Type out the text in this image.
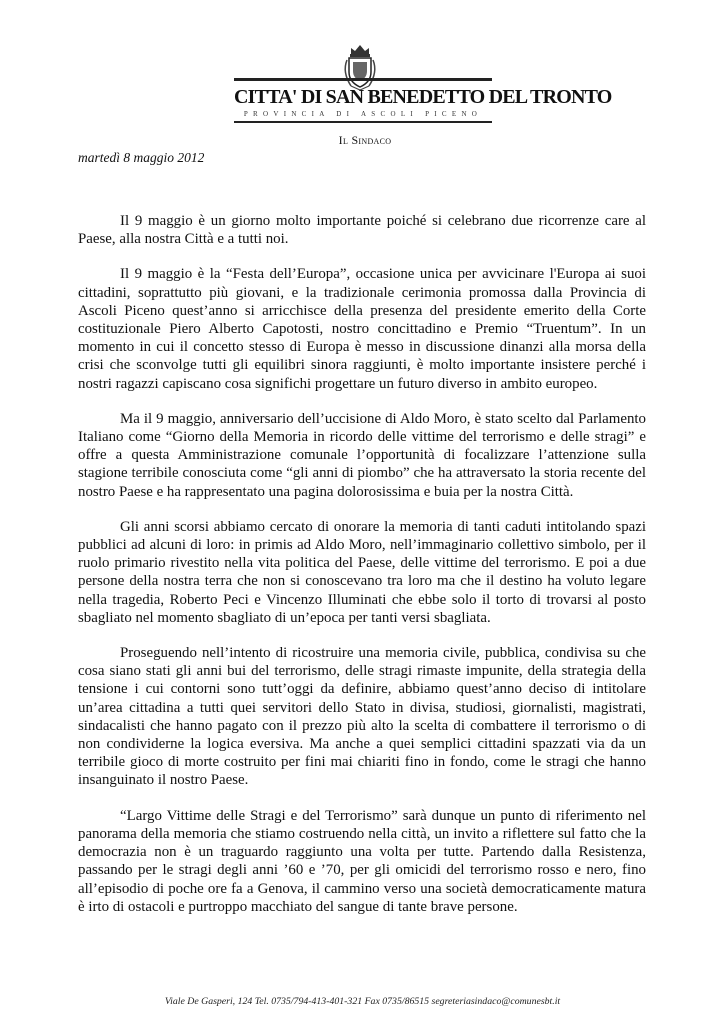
CITTA' DI SAN BENEDETTO DEL TRONTO
PROVINCIA DI ASCOLI PICENO
Il Sindaco
martedì 8 maggio 2012

Il 9 maggio è un giorno molto importante poiché si celebrano due ricorrenze care al Paese, alla nostra Città e a tutti noi.

Il 9 maggio è la “Festa dell’Europa”, occasione unica per avvicinare l'Europa ai suoi cittadini, soprattutto più giovani, e la tradizionale cerimonia promossa dalla Provincia di Ascoli Piceno quest’anno si arricchisce della presenza del presidente emerito della Corte costituzionale Piero Alberto Capotosti, nostro concittadino e Premio “Truentum”. In un momento in cui il concetto stesso di Europa è messo in discussione dinanzi alla morsa della crisi che sconvolge tutti gli equilibri sinora raggiunti, è molto importante insistere perché i nostri ragazzi capiscano cosa significhi progettare un futuro diverso in ambito europeo.

Ma il 9 maggio, anniversario dell’uccisione di Aldo Moro, è stato scelto dal Parlamento Italiano come “Giorno della Memoria in ricordo delle vittime del terrorismo e delle stragi” e offre a questa Amministrazione comunale l’opportunità di focalizzare l’attenzione sulla stagione terribile conosciuta come “gli anni di piombo” che ha attraversato la storia recente del nostro Paese e ha rappresentato una pagina dolorosissima e buia per la nostra Città.

Gli anni scorsi abbiamo cercato di onorare la memoria di tanti caduti intitolando spazi pubblici ad alcuni di loro: in primis ad Aldo Moro, nell’immaginario collettivo simbolo, per il ruolo primario rivestito nella vita politica del Paese, delle vittime del terrorismo. E poi a due persone della nostra terra che non si conoscevano tra loro ma che il destino ha voluto legare nella tragedia, Roberto Peci e Vincenzo Illuminati che ebbe solo il torto di trovarsi al posto sbagliato nel momento sbagliato di un’epoca per tanti versi sbagliata.

Proseguendo nell’intento di ricostruire una memoria civile, pubblica, condivisa su che cosa siano stati gli anni bui del terrorismo, delle stragi rimaste impunite, della strategia della tensione i cui contorni sono tutt’oggi da definire, abbiamo quest’anno deciso di intitolare un’area cittadina a tutti quei servitori dello Stato in divisa, studiosi, giornalisti, magistrati, sindacalisti che hanno pagato con il prezzo più alto la scelta di combattere il terrorismo o di non condividerne la logica eversiva. Ma anche a quei semplici cittadini spazzati via da un terribile gioco di morte costruito per fini mai chiariti fino in fondo, come le stragi che hanno insanguinato il nostro Paese.

“Largo Vittime delle Stragi e del Terrorismo” sarà dunque un punto di riferimento nel panorama della memoria che stiamo costruendo nella città, un invito a riflettere sul fatto che la democrazia non è un traguardo raggiunto una volta per tutte. Partendo dalla Resistenza, passando per le stragi degli anni ’60 e ’70, per gli omicidi del terrorismo rosso e nero, fino all’episodio di poche ore fa a Genova, il cammino verso una società democraticamente matura è irto di ostacoli e purtroppo macchiato del sangue di tante brave persone.

Viale De Gasperi, 124 Tel. 0735/794-413-401-321 Fax 0735/86515 segreteriasindaco@comunesbt.it
